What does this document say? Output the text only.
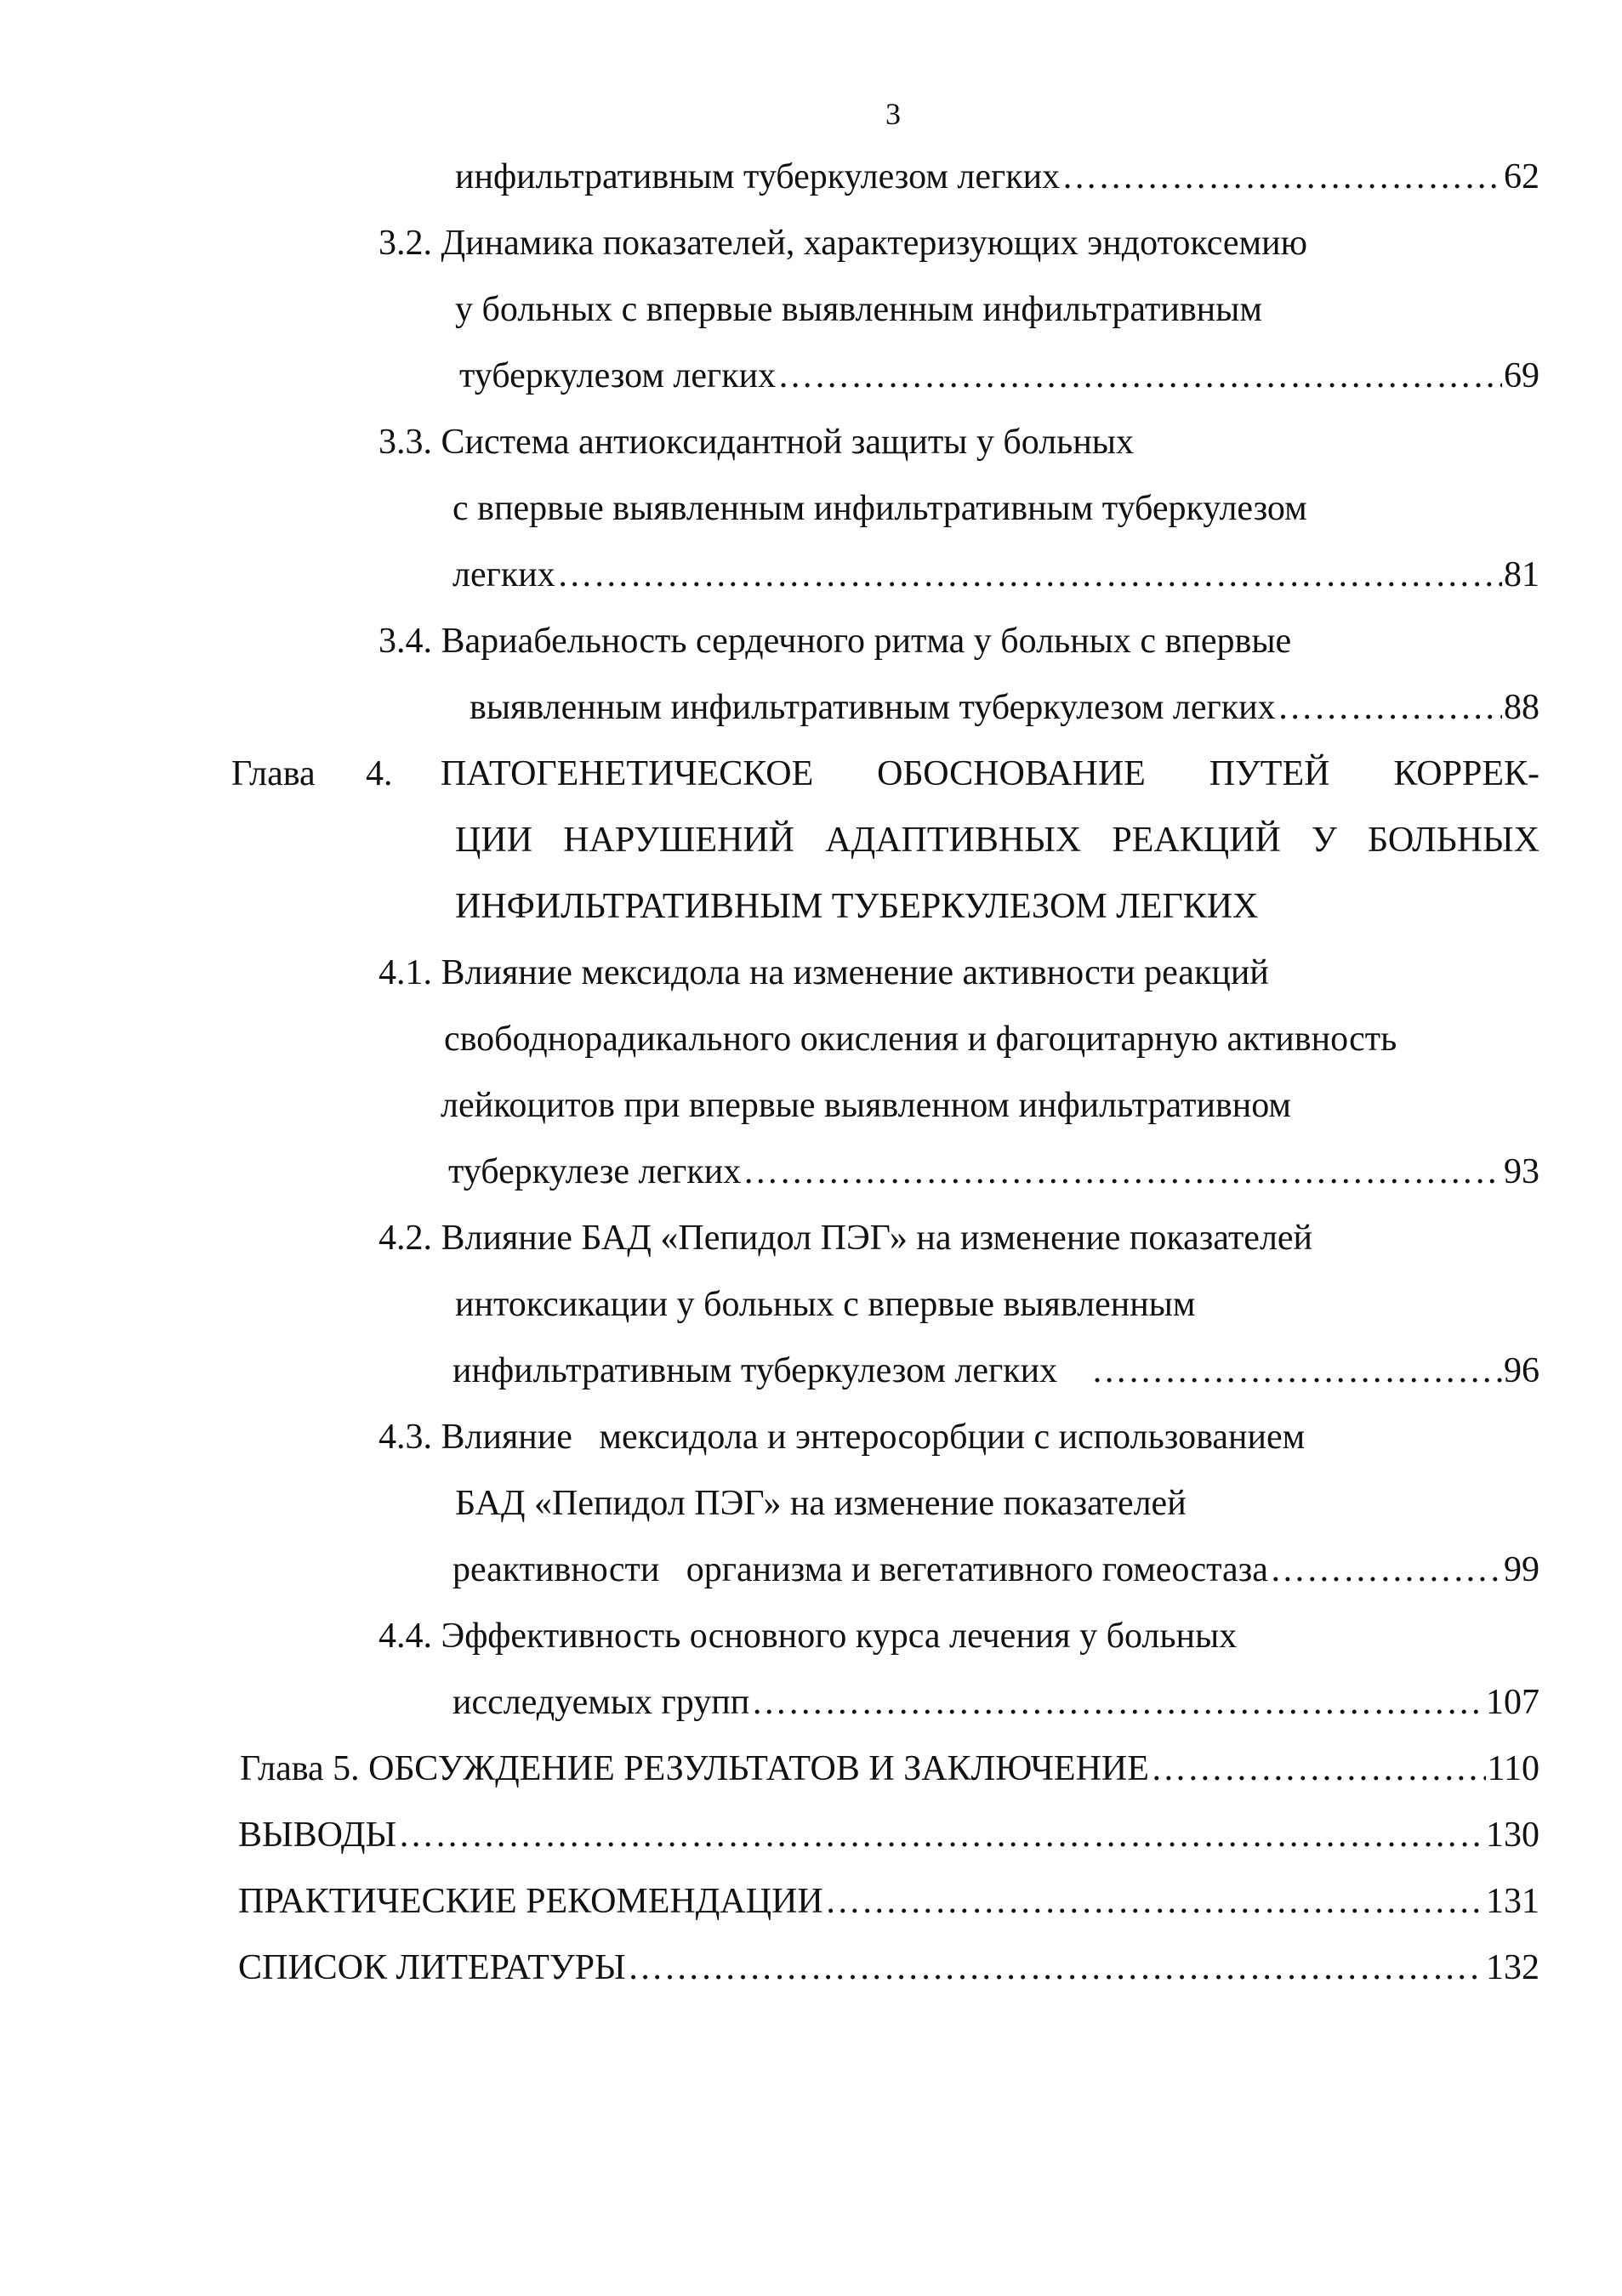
3
инфильтративным туберкулезом легких …………………………………………………………………………………………………………………………………………………………………………	62
3.2. Динамика показателей, характеризующих эндотоксемию
у больных с впервые выявленным инфильтративным
туберкулезом легких …………………………………………………………………………………………………………………………………………………………………………	69
3.3. Система антиоксидантной защиты у больных
с впервые выявленным инфильтративным туберкулезом
легких …………………………………………………………………………………………………………………………………………………………………………	81
3.4. Вариабельность сердечного ритма у больных с впервые
выявленным инфильтративным туберкулезом легких …………………………………………………………………………………………………………………………………………………………………………	88
Глава 4. ПАТОГЕНЕТИЧЕСКОЕ ОБОСНОВАНИЕ ПУТЕЙ КОРРЕК-
ЦИИ НАРУШЕНИЙ АДАПТИВНЫХ РЕАКЦИЙ У БОЛЬНЫХ
ИНФИЛЬТРАТИВНЫМ ТУБЕРКУЛЕЗОМ ЛЕГКИХ
4.1. Влияние мексидола на изменение активности реакций
свободнорадикального окисления и фагоцитарную активность
лейкоцитов при впервые выявленном инфильтративном
туберкулезе легких …………………………………………………………………………………………………………………………………………………………………………	93
4.2. Влияние БАД «Пепидол ПЭГ» на изменение показателей
интоксикации у больных с впервые выявленным
инфильтративным туберкулезом легких …………………………………………………………………………………………………………………………………………………………………………	96
4.3. Влияние   мексидола и энтеросорбции с использованием
БАД «Пепидол ПЭГ» на изменение показателей
реактивности   организма и вегетативного гомеостаза …………………………………………………………………………………………………………………………………………………………………………	99
4.4. Эффективность основного курса лечения у больных
исследуемых групп …………………………………………………………………………………………………………………………………………………………………………	107
Глава 5. ОБСУЖДЕНИЕ РЕЗУЛЬТАТОВ И ЗАКЛЮЧЕНИЕ …………………………………………………………………………………………………………………………………………………………………………	110
ВЫВОДЫ …………………………………………………………………………………………………………………………………………………………………………	130
ПРАКТИЧЕСКИЕ РЕКОМЕНДАЦИИ …………………………………………………………………………………………………………………………………………………………………………	131
СПИСОК ЛИТЕРАТУРЫ …………………………………………………………………………………………………………………………………………………………………………	132
